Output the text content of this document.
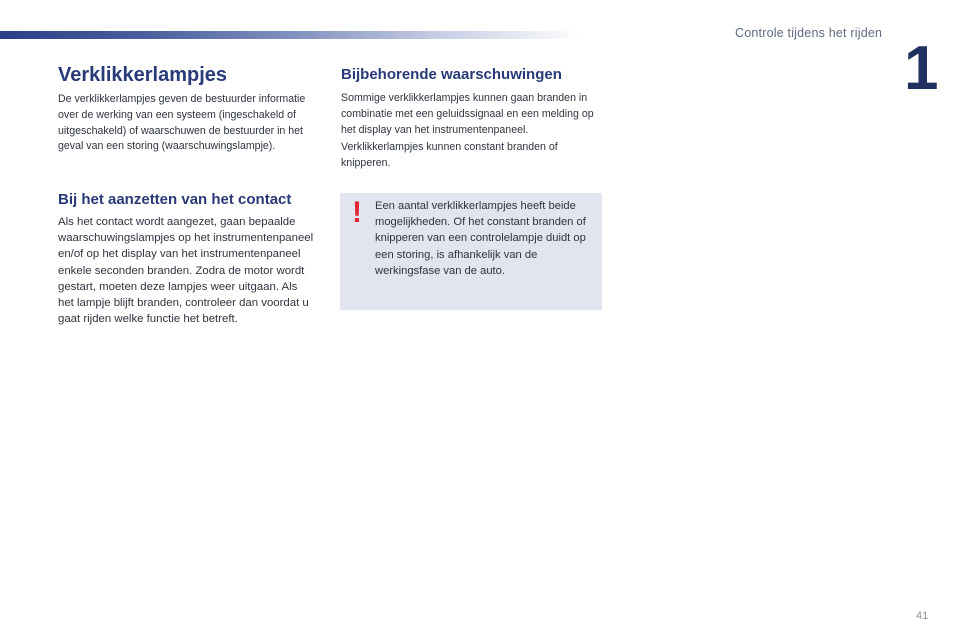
Controle tijdens het rijden
1
Verklikkerlampjes
De verklikkerlampjes geven de bestuurder informatie over de werking van een systeem (ingeschakeld of uitgeschakeld) of waarschuwen de bestuurder in het geval van een storing (waarschuwingslampje).
Bij het aanzetten van het contact
Als het contact wordt aangezet, gaan bepaalde waarschuwingslampjes op het instrumentenpaneel en/of op het display van het instrumentenpaneel enkele seconden branden. Zodra de motor wordt gestart, moeten deze lampjes weer uitgaan. Als het lampje blijft branden, controleer dan voordat u gaat rijden welke functie het betreft.
Bijbehorende waarschuwingen
Sommige verklikkerlampjes kunnen gaan branden in combinatie met een geluidssignaal en een melding op het display van het instrumentenpaneel. Verklikkerlampjes kunnen constant branden of knipperen.
! Een aantal verklikkerlampjes heeft beide mogelijkheden. Of het constant branden of knipperen van een controlelampje duidt op een storing, is afhankelijk van de werkingsfase van de auto.
41
